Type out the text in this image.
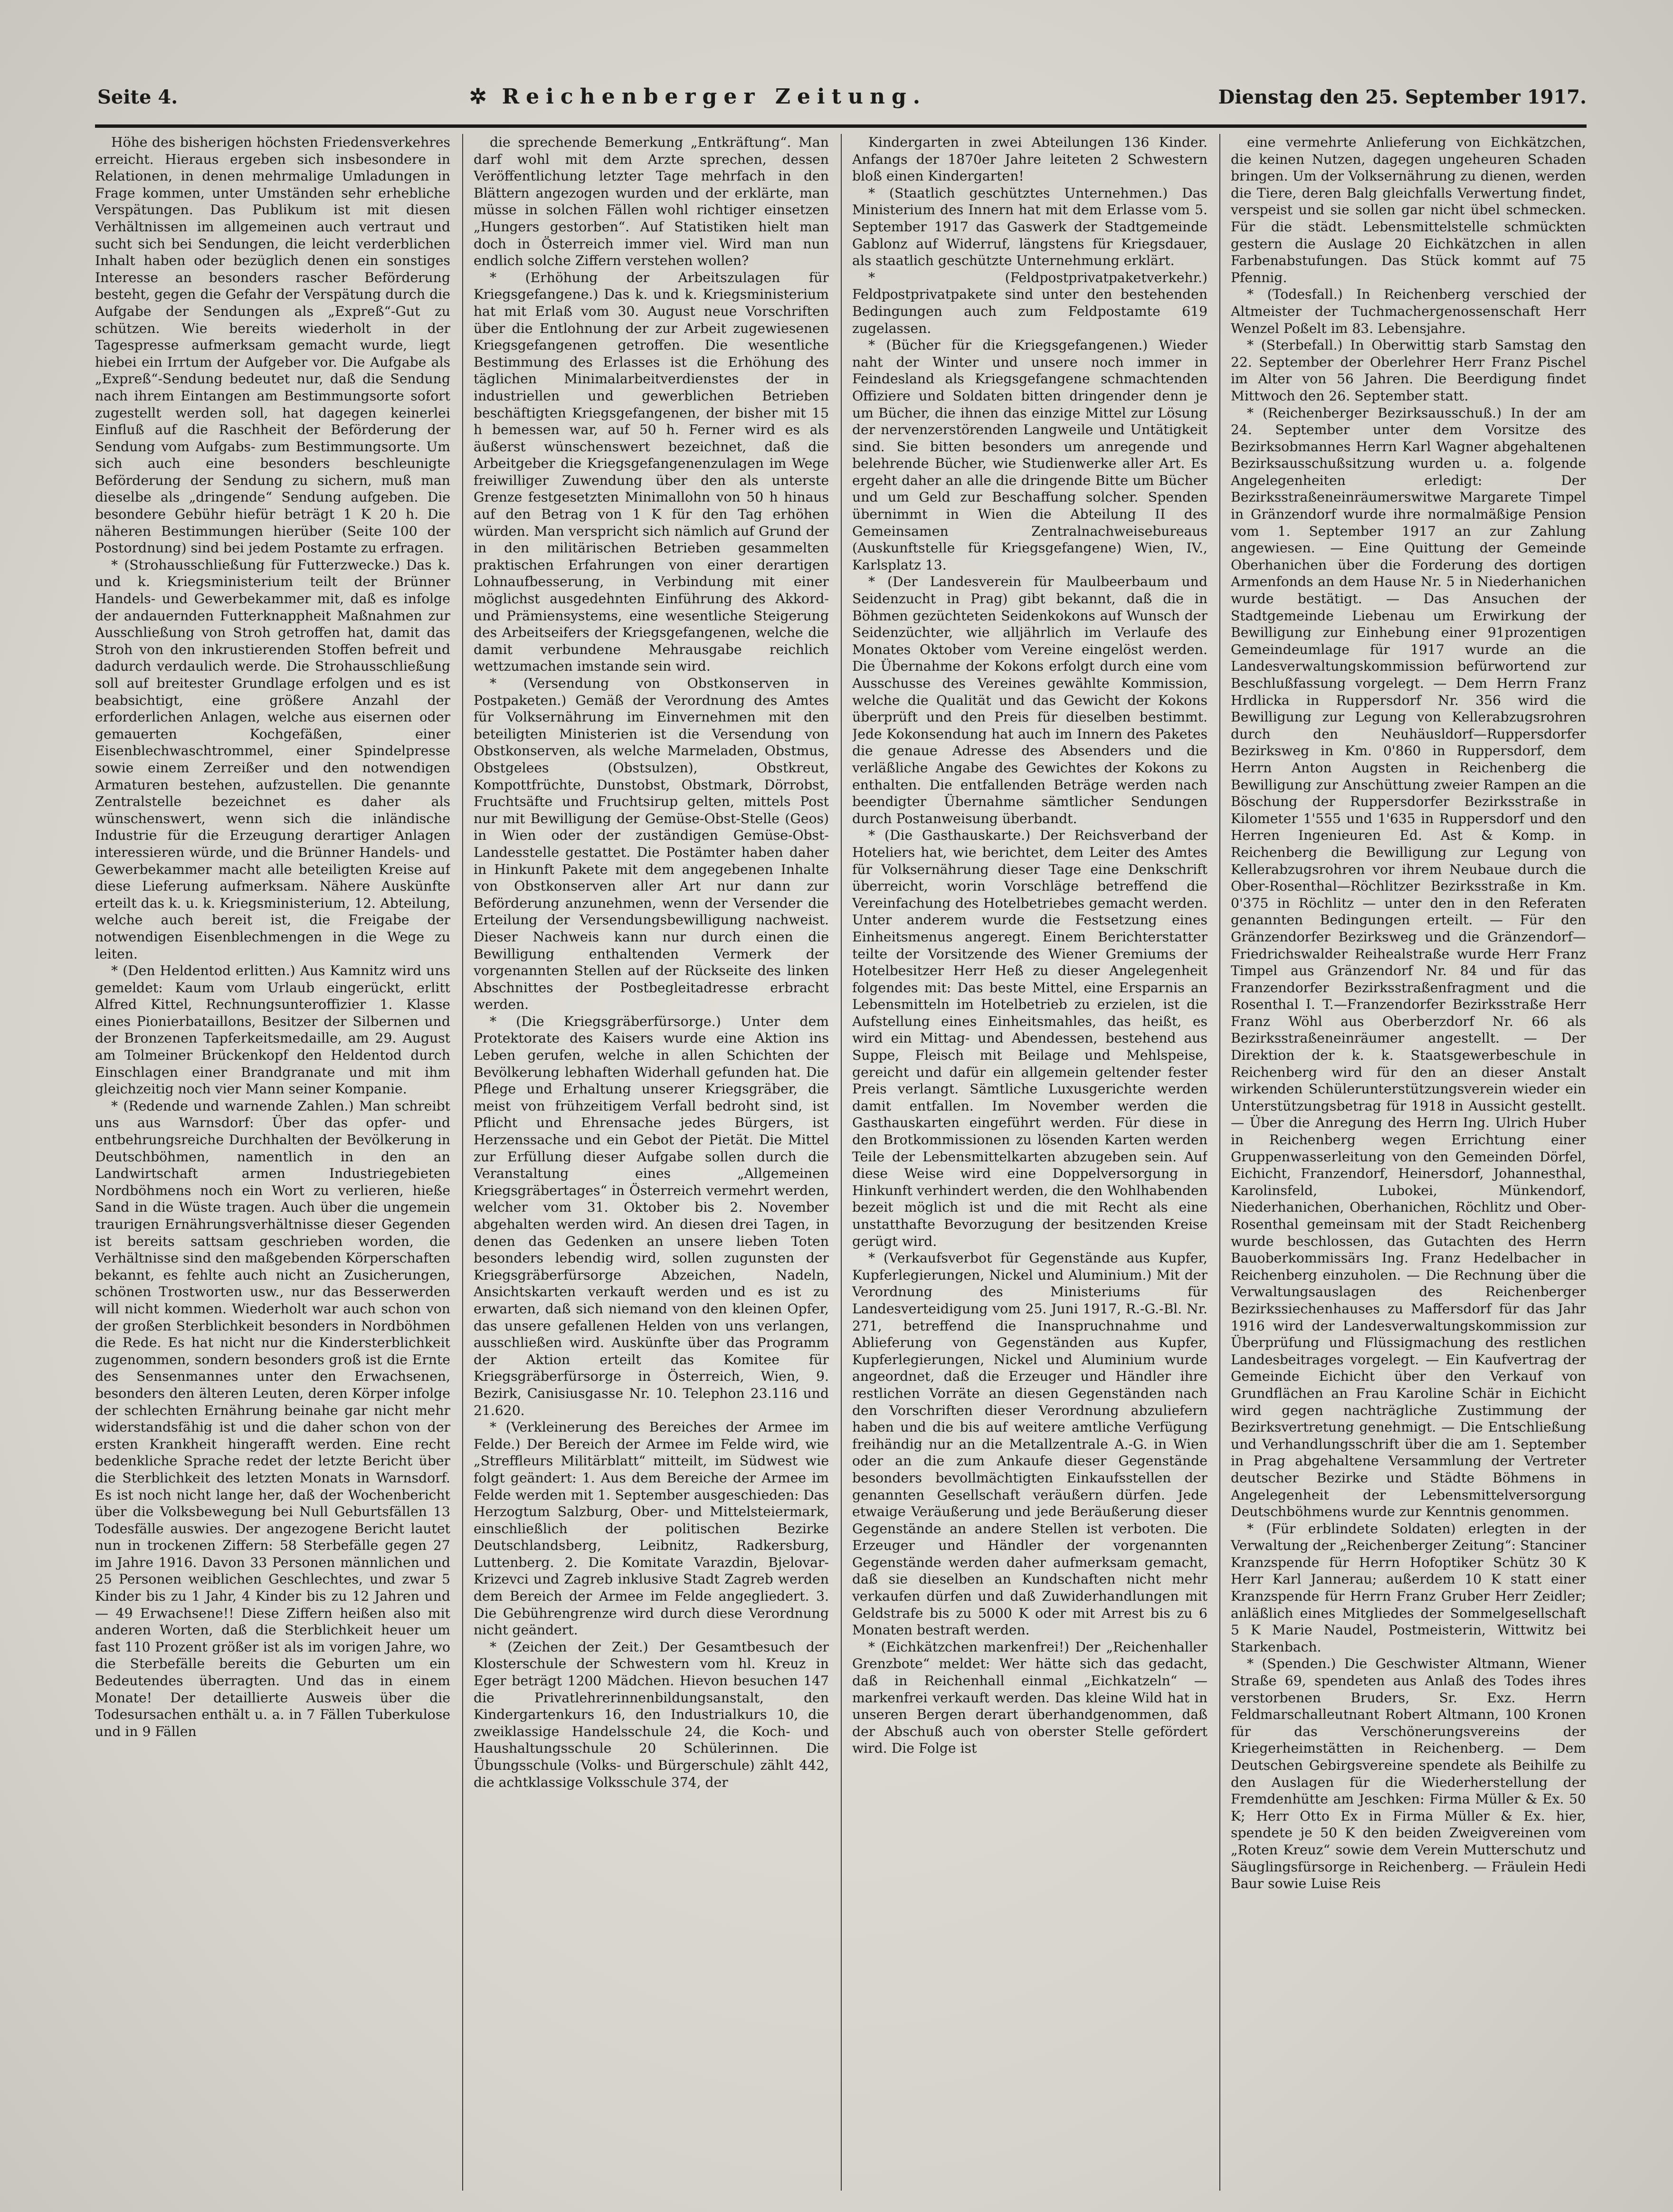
Seite 4.	✲ Reichenberger Zeitung.	Dienstag den 25. September 1917.

Höhe des bisherigen höchsten Friedensverkehres erreicht. Hieraus ergeben sich insbesondere in Relationen, in denen mehrmalige Umladungen in Frage kommen, unter Umständen sehr erhebliche Verspätungen. Das Publikum ist mit diesen Verhältnissen im allgemeinen auch vertraut und sucht sich bei Sendungen, die leicht verderblichen Inhalt haben oder bezüglich denen ein sonstiges Interesse an besonders rascher Beförderung besteht, gegen die Gefahr der Verspätung durch die Aufgabe der Sendungen als „Expreß“-Gut zu schützen. Wie bereits wiederholt in der Tagespresse aufmerksam gemacht wurde, liegt hiebei ein Irrtum der Aufgeber vor. Die Aufgabe als „Expreß“-Sendung bedeutet nur, daß die Sendung nach ihrem Eintangen am Bestimmungsorte sofort zugestellt werden soll, hat dagegen keinerlei Einfluß auf die Raschheit der Beförderung der Sendung vom Aufgabs- zum Bestimmungsorte. Um sich auch eine besonders beschleunigte Beförderung der Sendung zu sichern, muß man dieselbe als „dringende“ Sendung aufgeben. Die besondere Gebühr hiefür beträgt 1 K 20 h. Die näheren Bestimmungen hierüber (Seite 100 der Postordnung) sind bei jedem Postamte zu erfragen.

* (Strohausschließung für Futterzwecke.) Das k. und k. Kriegsministerium teilt der Brünner Handels- und Gewerbekammer mit, daß es infolge der andauernden Futterknappheit Maßnahmen zur Ausschließung von Stroh getroffen hat, damit das Stroh von den inkrustierenden Stoffen befreit und dadurch verdaulich werde. Die Strohausschließung soll auf breitester Grundlage erfolgen und es ist beabsichtigt, eine größere Anzahl der erforderlichen Anlagen, welche aus eisernen oder gemauerten Kochgefäßen, einer Eisenblechwaschtrommel, einer Spindelpresse sowie einem Zerreißer und den notwendigen Armaturen bestehen, aufzustellen. Die genannte Zentralstelle bezeichnet es daher als wünschenswert, wenn sich die inländische Industrie für die Erzeugung derartiger Anlagen interessieren würde, und die Brünner Handels- und Gewerbekammer macht alle beteiligten Kreise auf diese Lieferung aufmerksam. Nähere Auskünfte erteilt das k. u. k. Kriegsministerium, 12. Abteilung, welche auch bereit ist, die Freigabe der notwendigen Eisenblechmengen in die Wege zu leiten.

* (Den Heldentod erlitten.) Aus Kamnitz wird uns gemeldet: Kaum vom Urlaub eingerückt, erlitt Alfred Kittel, Rechnungsunteroffizier 1. Klasse eines Pionierbataillons, Besitzer der Silbernen und der Bronzenen Tapferkeitsmedaille, am 29. August am Tolmeiner Brückenkopf den Heldentod durch Einschlagen einer Brandgranate und mit ihm gleichzeitig noch vier Mann seiner Kompanie.

* (Redende und warnende Zahlen.) Man schreibt uns aus Warnsdorf: Über das opfer- und entbehrungsreiche Durchhalten der Bevölkerung in Deutschböhmen, namentlich in den an Landwirtschaft armen Industriegebieten Nordböhmens noch ein Wort zu verlieren, hieße Sand in die Wüste tragen. Auch über die ungemein traurigen Ernährungsverhältnisse dieser Gegenden ist bereits sattsam geschrieben worden, die Verhältnisse sind den maßgebenden Körperschaften bekannt, es fehlte auch nicht an Zusicherungen, schönen Trostworten usw., nur das Besserwerden will nicht kommen. Wiederholt war auch schon von der großen Sterblichkeit besonders in Nordböhmen die Rede. Es hat nicht nur die Kindersterblichkeit zugenommen, sondern besonders groß ist die Ernte des Sensenmannes unter den Erwachsenen, besonders den älteren Leuten, deren Körper infolge der schlechten Ernährung beinahe gar nicht mehr widerstandsfähig ist und die daher schon von der ersten Krankheit hingerafft werden. Eine recht bedenkliche Sprache redet der letzte Bericht über die Sterblichkeit des letzten Monats in Warnsdorf. Es ist noch nicht lange her, daß der Wochenbericht über die Volksbewegung bei Null Geburtsfällen 13 Todesfälle auswies. Der angezogene Bericht lautet nun in trockenen Ziffern: 58 Sterbefälle gegen 27 im Jahre 1916. Davon 33 Personen männlichen und 25 Personen weiblichen Geschlechtes, und zwar 5 Kinder bis zu 1 Jahr, 4 Kinder bis zu 12 Jahren und — 49 Erwachsene!! Diese Ziffern heißen also mit anderen Worten, daß die Sterblichkeit heuer um fast 110 Prozent größer ist als im vorigen Jahre, wo die Sterbefälle bereits die Geburten um ein Bedeutendes überragten. Und das in einem Monate! Der detaillierte Ausweis über die Todesursachen enthält u. a. in 7 Fällen Tuberkulose und in 9 Fällen

die sprechende Bemerkung „Entkräftung“. Man darf wohl mit dem Arzte sprechen, dessen Veröffentlichung letzter Tage mehrfach in den Blättern angezogen wurden und der erklärte, man müsse in solchen Fällen wohl richtiger einsetzen „Hungers gestorben“. Auf Statistiken hielt man doch in Österreich immer viel. Wird man nun endlich solche Ziffern verstehen wollen?

* (Erhöhung der Arbeitszulagen für Kriegsgefangene.) Das k. und k. Kriegsministerium hat mit Erlaß vom 30. August neue Vorschriften über die Entlohnung der zur Arbeit zugewiesenen Kriegsgefangenen getroffen. Die wesentliche Bestimmung des Erlasses ist die Erhöhung des täglichen Minimalarbeitverdienstes der in industriellen und gewerblichen Betrieben beschäftigten Kriegsgefangenen, der bisher mit 15 h bemessen war, auf 50 h. Ferner wird es als äußerst wünschenswert bezeichnet, daß die Arbeitgeber die Kriegsgefangenenzulagen im Wege freiwilliger Zuwendung über den als unterste Grenze festgesetzten Minimallohn von 50 h hinaus auf den Betrag von 1 K für den Tag erhöhen würden. Man verspricht sich nämlich auf Grund der in den militärischen Betrieben gesammelten praktischen Erfahrungen von einer derartigen Lohnaufbesserung, in Verbindung mit einer möglichst ausgedehnten Einführung des Akkord- und Prämiensystems, eine wesentliche Steigerung des Arbeitseifers der Kriegsgefangenen, welche die damit verbundene Mehrausgabe reichlich wettzumachen imstande sein wird.

* (Versendung von Obstkonserven in Postpaketen.) Gemäß der Verordnung des Amtes für Volksernährung im Einvernehmen mit den beteiligten Ministerien ist die Versendung von Obstkonserven, als welche Marmeladen, Obstmus, Obstgelees (Obstsulzen), Obstkreut, Kompottfrüchte, Dunstobst, Obstmark, Dörrobst, Fruchtsäfte und Fruchtsirup gelten, mittels Post nur mit Bewilligung der Gemüse-Obst-Stelle (Geos) in Wien oder der zuständigen Gemüse-Obst-Landesstelle gestattet. Die Postämter haben daher in Hinkunft Pakete mit dem angegebenen Inhalte von Obstkonserven aller Art nur dann zur Beförderung anzunehmen, wenn der Versender die Erteilung der Versendungsbewilligung nachweist. Dieser Nachweis kann nur durch einen die Bewilligung enthaltenden Vermerk der vorgenannten Stellen auf der Rückseite des linken Abschnittes der Postbegleitadresse erbracht werden.

* (Die Kriegsgräberfürsorge.) Unter dem Protektorate des Kaisers wurde eine Aktion ins Leben gerufen, welche in allen Schichten der Bevölkerung lebhaften Widerhall gefunden hat. Die Pflege und Erhaltung unserer Kriegsgräber, die meist von frühzeitigem Verfall bedroht sind, ist Pflicht und Ehrensache jedes Bürgers, ist Herzenssache und ein Gebot der Pietät. Die Mittel zur Erfüllung dieser Aufgabe sollen durch die Veranstaltung eines „Allgemeinen Kriegsgräbertages“ in Österreich vermehrt werden, welcher vom 31. Oktober bis 2. November abgehalten werden wird. An diesen drei Tagen, in denen das Gedenken an unsere lieben Toten besonders lebendig wird, sollen zugunsten der Kriegsgräberfürsorge Abzeichen, Nadeln, Ansichtskarten verkauft werden und es ist zu erwarten, daß sich niemand von den kleinen Opfer, das unsere gefallenen Helden von uns verlangen, ausschließen wird. Auskünfte über das Programm der Aktion erteilt das Komitee für Kriegsgräberfürsorge in Österreich, Wien, 9. Bezirk, Canisiusgasse Nr. 10. Telephon 23.116 und 21.620.

* (Verkleinerung des Bereiches der Armee im Felde.) Der Bereich der Armee im Felde wird, wie „Streffleurs Militärblatt“ mitteilt, im Südwest wie folgt geändert: 1. Aus dem Bereiche der Armee im Felde werden mit 1. September ausgeschieden: Das Herzogtum Salzburg, Ober- und Mittelsteiermark, einschließlich der politischen Bezirke Deutschlandsberg, Leibnitz, Radkersburg, Luttenberg. 2. Die Komitate Varazdin, Bjelovar-Krizevci und Zagreb inklusive Stadt Zagreb werden dem Bereich der Armee im Felde angegliedert. 3. Die Gebührengrenze wird durch diese Verordnung nicht geändert.

* (Zeichen der Zeit.) Der Gesamtbesuch der Klosterschule der Schwestern vom hl. Kreuz in Eger beträgt 1200 Mädchen. Hievon besuchen 147 die Privatlehrerinnenbildungsanstalt, den Kindergartenkurs 16, den Industrialkurs 10, die zweiklassige Handelsschule 24, die Koch- und Haushaltungsschule 20 Schülerinnen. Die Übungsschule (Volks- und Bürgerschule) zählt 442, die achtklassige Volksschule 374, der

Kindergarten in zwei Abteilungen 136 Kinder. Anfangs der 1870er Jahre leiteten 2 Schwestern bloß einen Kindergarten!

* (Staatlich geschütztes Unternehmen.) Das Ministerium des Innern hat mit dem Erlasse vom 5. September 1917 das Gaswerk der Stadtgemeinde Gablonz auf Widerruf, längstens für Kriegsdauer, als staatlich geschützte Unternehmung erklärt.

* (Feldpostprivatpaketverkehr.) Feldpostprivatpakete sind unter den bestehenden Bedingungen auch zum Feldpostamte 619 zugelassen.

* (Bücher für die Kriegsgefangenen.) Wieder naht der Winter und unsere noch immer in Feindesland als Kriegsgefangene schmachtenden Offiziere und Soldaten bitten dringender denn je um Bücher, die ihnen das einzige Mittel zur Lösung der nervenzerstörenden Langweile und Untätigkeit sind. Sie bitten besonders um anregende und belehrende Bücher, wie Studienwerke aller Art. Es ergeht daher an alle die dringende Bitte um Bücher und um Geld zur Beschaffung solcher. Spenden übernimmt in Wien die Abteilung II des Gemeinsamen Zentralnachweisebureaus (Auskunftstelle für Kriegsgefangene) Wien, IV., Karlsplatz 13.

* (Der Landesverein für Maulbeerbaum und Seidenzucht in Prag) gibt bekannt, daß die in Böhmen gezüchteten Seidenkokons auf Wunsch der Seidenzüchter, wie alljährlich im Verlaufe des Monates Oktober vom Vereine eingelöst werden. Die Übernahme der Kokons erfolgt durch eine vom Ausschusse des Vereines gewählte Kommission, welche die Qualität und das Gewicht der Kokons überprüft und den Preis für dieselben bestimmt. Jede Kokonsendung hat auch im Innern des Paketes die genaue Adresse des Absenders und die verläßliche Angabe des Gewichtes der Kokons zu enthalten. Die entfallenden Beträge werden nach beendigter Übernahme sämtlicher Sendungen durch Postanweisung überbandt.

* (Die Gasthauskarte.) Der Reichsverband der Hoteliers hat, wie berichtet, dem Leiter des Amtes für Volksernährung dieser Tage eine Denkschrift überreicht, worin Vorschläge betreffend die Vereinfachung des Hotelbetriebes gemacht werden. Unter anderem wurde die Festsetzung eines Einheitsmenus angeregt. Einem Berichterstatter teilte der Vorsitzende des Wiener Gremiums der Hotelbesitzer Herr Heß zu dieser Angelegenheit folgendes mit: Das beste Mittel, eine Ersparnis an Lebensmitteln im Hotelbetrieb zu erzielen, ist die Aufstellung eines Einheitsmahles, das heißt, es wird ein Mittag- und Abendessen, bestehend aus Suppe, Fleisch mit Beilage und Mehlspeise, gereicht und dafür ein allgemein geltender fester Preis verlangt. Sämtliche Luxusgerichte werden damit entfallen. Im November werden die Gasthauskarten eingeführt werden. Für diese in den Brotkommissionen zu lösenden Karten werden Teile der Lebensmittelkarten abzugeben sein. Auf diese Weise wird eine Doppelversorgung in Hinkunft verhindert werden, die den Wohlhabenden bezeit möglich ist und die mit Recht als eine unstatthafte Bevorzugung der besitzenden Kreise gerügt wird.

* (Verkaufsverbot für Gegenstände aus Kupfer, Kupferlegierungen, Nickel und Aluminium.) Mit der Verordnung des Ministeriums für Landesverteidigung vom 25. Juni 1917, R.-G.-Bl. Nr. 271, betreffend die Inanspruchnahme und Ablieferung von Gegenständen aus Kupfer, Kupferlegierungen, Nickel und Aluminium wurde angeordnet, daß die Erzeuger und Händler ihre restlichen Vorräte an diesen Gegenständen nach den Vorschriften dieser Verordnung abzuliefern haben und die bis auf weitere amtliche Verfügung freihändig nur an die Metallzentrale A.-G. in Wien oder an die zum Ankaufe dieser Gegenstände besonders bevollmächtigten Einkaufsstellen der genannten Gesellschaft veräußern dürfen. Jede etwaige Veräußerung und jede Beräußerung dieser Gegenstände an andere Stellen ist verboten. Die Erzeuger und Händler der vorgenannten Gegenstände werden daher aufmerksam gemacht, daß sie dieselben an Kundschaften nicht mehr verkaufen dürfen und daß Zuwiderhandlungen mit Geldstrafe bis zu 5000 K oder mit Arrest bis zu 6 Monaten bestraft werden.

* (Eichkätzchen markenfrei!) Der „Reichenhaller Grenzbote“ meldet: Wer hätte sich das gedacht, daß in Reichenhall einmal „Eichkatzeln“ — markenfrei verkauft werden. Das kleine Wild hat in unseren Bergen derart überhandgenommen, daß der Abschuß auch von oberster Stelle gefördert wird. Die Folge ist

eine vermehrte Anlieferung von Eichkätzchen, die keinen Nutzen, dagegen ungeheuren Schaden bringen. Um der Volksernährung zu dienen, werden die Tiere, deren Balg gleichfalls Verwertung findet, verspeist und sie sollen gar nicht übel schmecken. Für die städt. Lebensmittelstelle schmückten gestern die Auslage 20 Eichkätzchen in allen Farbenabstufungen. Das Stück kommt auf 75 Pfennig.

* (Todesfall.) In Reichenberg verschied der Altmeister der Tuchmachergenossenschaft Herr Wenzel Poßelt im 83. Lebensjahre.

* (Sterbefall.) In Oberwittig starb Samstag den 22. September der Oberlehrer Herr Franz Pischel im Alter von 56 Jahren. Die Beerdigung findet Mittwoch den 26. September statt.

* (Reichenberger Bezirksausschuß.) In der am 24. September unter dem Vorsitze des Bezirksobmannes Herrn Karl Wagner abgehaltenen Bezirksausschußsitzung wurden u. a. folgende Angelegenheiten erledigt: Der Bezirksstraßeneinräumerswitwe Margarete Timpel in Gränzendorf wurde ihre normalmäßige Pension vom 1. September 1917 an zur Zahlung angewiesen. — Eine Quittung der Gemeinde Oberhanichen über die Forderung des dortigen Armenfonds an dem Hause Nr. 5 in Niederhanichen wurde bestätigt. — Das Ansuchen der Stadtgemeinde Liebenau um Erwirkung der Bewilligung zur Einhebung einer 91prozentigen Gemeindeumlage für 1917 wurde an die Landesverwaltungskommission befürwortend zur Beschlußfassung vorgelegt. — Dem Herrn Franz Hrdlicka in Ruppersdorf Nr. 356 wird die Bewilligung zur Legung von Kellerabzugsrohren durch den Neuhäusldorf—Ruppersdorfer Bezirksweg in Km. 0'860 in Ruppersdorf, dem Herrn Anton Augsten in Reichenberg die Bewilligung zur Anschüttung zweier Rampen an die Böschung der Ruppersdorfer Bezirksstraße in Kilometer 1'555 und 1'635 in Ruppersdorf und den Herren Ingenieuren Ed. Ast & Komp. in Reichenberg die Bewilligung zur Legung von Kellerabzugsrohren vor ihrem Neubaue durch die Ober-Rosenthal—Röchlitzer Bezirksstraße in Km. 0'375 in Röchlitz — unter den in den Referaten genannten Bedingungen erteilt. — Für den Gränzendorfer Bezirksweg und die Gränzendorf—Friedrichswalder Reihealstraße wurde Herr Franz Timpel aus Gränzendorf Nr. 84 und für das Franzendorfer Bezirksstraßenfragment und die Rosenthal I. T.—Franzendorfer Bezirksstraße Herr Franz Wöhl aus Oberberzdorf Nr. 66 als Bezirksstraßeneinräumer angestellt. — Der Direktion der k. k. Staatsgewerbeschule in Reichenberg wird für den an dieser Anstalt wirkenden Schülerunterstützungsverein wieder ein Unterstützungsbetrag für 1918 in Aussicht gestellt. — Über die Anregung des Herrn Ing. Ulrich Huber in Reichenberg wegen Errichtung einer Gruppenwasserleitung von den Gemeinden Dörfel, Eichicht, Franzendorf, Heinersdorf, Johannesthal, Karolinsfeld, Lubokei, Münkendorf, Niederhanichen, Oberhanichen, Röchlitz und Ober-Rosenthal gemeinsam mit der Stadt Reichenberg wurde beschlossen, das Gutachten des Herrn Bauoberkommissärs Ing. Franz Hedelbacher in Reichenberg einzuholen. — Die Rechnung über die Verwaltungsauslagen des Reichenberger Bezirkssiechenhauses zu Maffersdorf für das Jahr 1916 wird der Landesverwaltungskommission zur Überprüfung und Flüssigmachung des restlichen Landesbeitrages vorgelegt. — Ein Kaufvertrag der Gemeinde Eichicht über den Verkauf von Grundflächen an Frau Karoline Schär in Eichicht wird gegen nachträgliche Zustimmung der Bezirksvertretung genehmigt. — Die Entschließung und Verhandlungsschrift über die am 1. September in Prag abgehaltene Versammlung der Vertreter deutscher Bezirke und Städte Böhmens in Angelegenheit der Lebensmittelversorgung Deutschböhmens wurde zur Kenntnis genommen.

* (Für erblindete Soldaten) erlegten in der Verwaltung der „Reichenberger Zeitung“: Stanciner Kranzspende für Herrn Hofoptiker Schütz 30 K Herr Karl Jannerau; außerdem 10 K statt einer Kranzspende für Herrn Franz Gruber Herr Zeidler; anläßlich eines Mitgliedes der Sommelgesellschaft 5 K Marie Naudel, Postmeisterin, Wittwitz bei Starkenbach.

* (Spenden.) Die Geschwister Altmann, Wiener Straße 69, spendeten aus Anlaß des Todes ihres verstorbenen Bruders, Sr. Exz. Herrn Feldmarschalleutnant Robert Altmann, 100 Kronen für das Verschönerungsvereins der Kriegerheimstätten in Reichenberg. — Dem Deutschen Gebirgsvereine spendete als Beihilfe zu den Auslagen für die Wiederherstellung der Fremdenhütte am Jeschken: Firma Müller & Ex. 50 K; Herr Otto Ex in Firma Müller & Ex. hier, spendete je 50 K den beiden Zweigvereinen vom „Roten Kreuz“ sowie dem Verein Mutterschutz und Säuglingsfürsorge in Reichenberg. — Fräulein Hedi Baur sowie Luise Reis
